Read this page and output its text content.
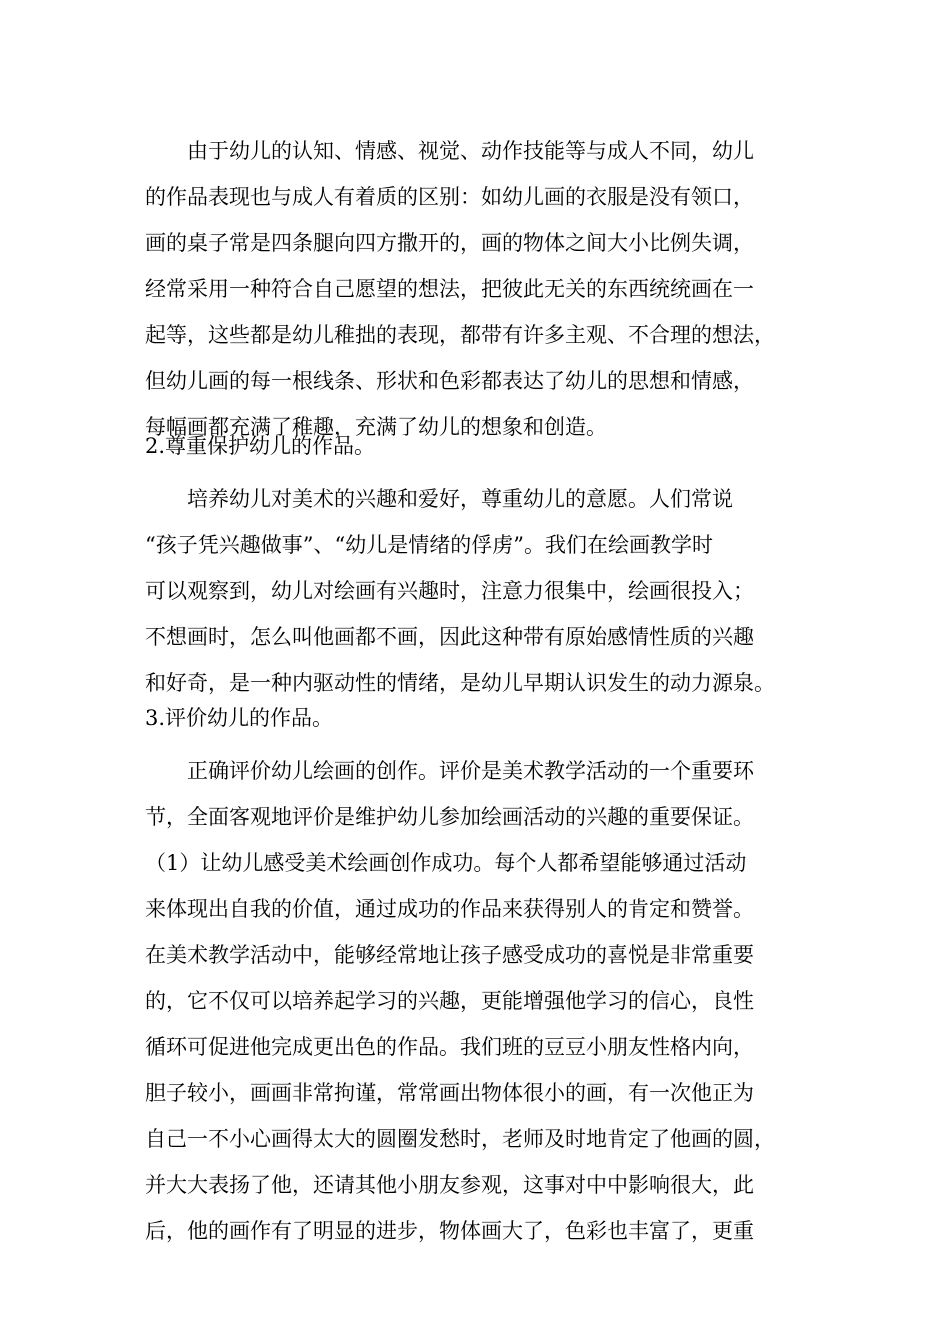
由于幼儿的认知、情感、视觉、动作技能等与成人不同，幼儿
的作品表现也与成人有着质的区别：如幼儿画的衣服是没有领口，
画的桌子常是四条腿向四方撒开的，画的物体之间大小比例失调，
经常采用一种符合自己愿望的想法，把彼此无关的东西统统画在一
起等，这些都是幼儿稚拙的表现，都带有许多主观、不合理的想法，
但幼儿画的每一根线条、形状和色彩都表达了幼儿的思想和情感，
每幅画都充满了稚趣，充满了幼儿的想象和创造。
2.尊重保护幼儿的作品。
培养幼儿对美术的兴趣和爱好，尊重幼儿的意愿。人们常说
“孩子凭兴趣做事”、“幼儿是情绪的俘虏”。我们在绘画教学时
可以观察到，幼儿对绘画有兴趣时，注意力很集中，绘画很投入；
不想画时，怎么叫他画都不画，因此这种带有原始感情性质的兴趣
和好奇，是一种内驱动性的情绪，是幼儿早期认识发生的动力源泉。
3.评价幼儿的作品。
正确评价幼儿绘画的创作。评价是美术教学活动的一个重要环
节，全面客观地评价是维护幼儿参加绘画活动的兴趣的重要保证。
（1）让幼儿感受美术绘画创作成功。每个人都希望能够通过活动
来体现出自我的价值，通过成功的作品来获得别人的肯定和赞誉。
在美术教学活动中，能够经常地让孩子感受成功的喜悦是非常重要
的，它不仅可以培养起学习的兴趣，更能增强他学习的信心，良性
循环可促进他完成更出色的作品。我们班的豆豆小朋友性格内向，
胆子较小，画画非常拘谨，常常画出物体很小的画，有一次他正为
自己一不小心画得太大的圆圈发愁时，老师及时地肯定了他画的圆，
并大大表扬了他，还请其他小朋友参观，这事对中中影响很大，此
后，他的画作有了明显的进步，物体画大了，色彩也丰富了，更重
